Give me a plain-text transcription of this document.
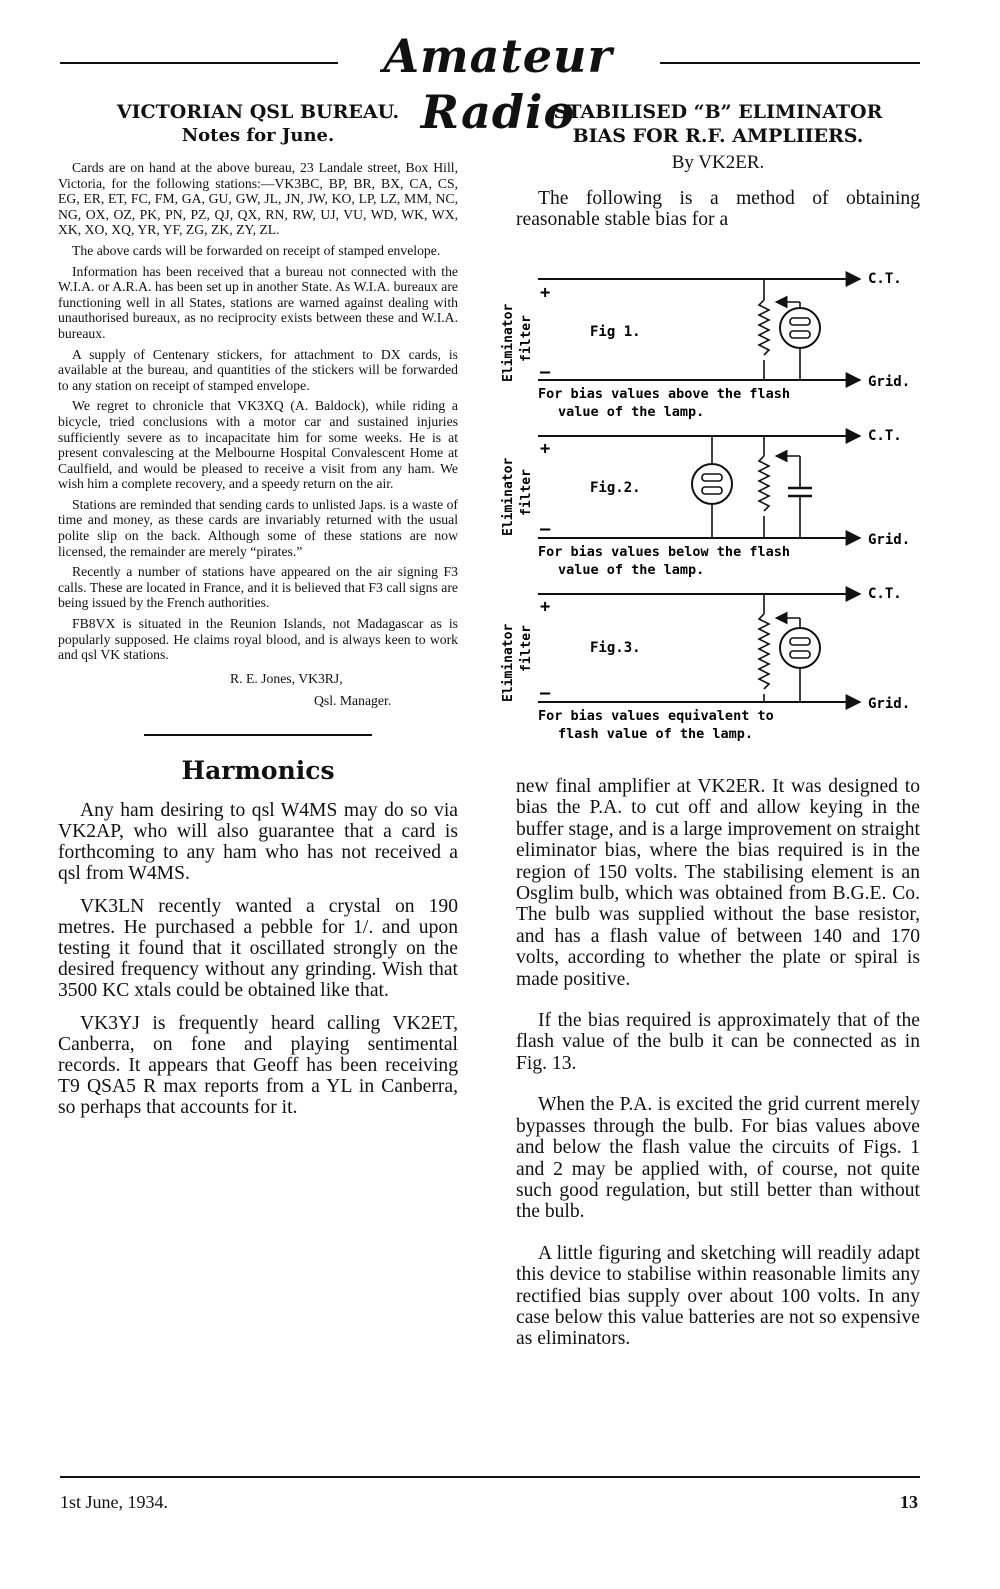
Amateur Radio
VICTORIAN QSL BUREAU.
Notes for June.

Cards are on hand at the above bureau, 23 Landale street, Box Hill, Victoria, for the following stations:—VK3BC, BP, BR, BX, CA, CS, EG, ER, ET, FC, FM, GA, GU, GW, JL, JN, JW, KO, LP, LZ, MM, NC, NG, OX, OZ, PK, PN, PZ, QJ, QX, RN, RW, UJ, VU, WD, WK, WX, XK, XO, XQ, YR, YF, ZG, ZK, ZY, ZL.

The above cards will be forwarded on receipt of stamped envelope.

Information has been received that a bureau not connected with the W.I.A. or A.R.A. has been set up in another State. As W.I.A. bureaux are functioning well in all States, stations are warned against dealing with unauthorised bureaux, as no reciprocity exists between these and W.I.A. bureaux.

A supply of Centenary stickers, for attachment to DX cards, is available at the bureau, and quantities of the stickers will be forwarded to any station on receipt of stamped envelope.

We regret to chronicle that VK3XQ (A. Baldock), while riding a bicycle, tried conclusions with a motor car and sustained injuries sufficiently severe as to incapacitate him for some weeks. He is at present convalescing at the Melbourne Hospital Convalescent Home at Caulfield, and would be pleased to receive a visit from any ham. We wish him a complete recovery, and a speedy return on the air.

Stations are reminded that sending cards to unlisted Japs. is a waste of time and money, as these cards are invariably returned with the usual polite slip on the back. Although some of these stations are now licensed, the remainder are merely “pirates.”

Recently a number of stations have appeared on the air signing F3 calls. These are located in France, and it is believed that F3 call signs are being issued by the French authorities.

FB8VX is situated in the Reunion Islands, not Madagascar as is popularly supposed. He claims royal blood, and is always keen to work and qsl VK stations.

R. E. Jones, VK3RJ,
Qsl. Manager.
Harmonics

Any ham desiring to qsl W4MS may do so via VK2AP, who will also guarantee that a card is forthcoming to any ham who has not received a qsl from W4MS.

VK3LN recently wanted a crystal on 190 metres. He purchased a pebble for 1/. and upon testing it found that it oscillated strongly on the desired frequency without any grinding. Wish that 3500 KC xtals could be obtained like that.

VK3YJ is frequently heard calling VK2ET, Canberra, on fone and playing sentimental records. It appears that Geoff has been receiving T9 QSA5 R max reports from a YL in Canberra, so perhaps that accounts for it.

STABILISED “B” ELIMINATOR
BIAS FOR R.F. AMPLIIERS.
By VK2ER.

The following is a method of obtaining reasonable stable bias for a

Eliminator filter
+
–
Fig 1.
C.T.
Grid.
For bias values above the flash
value of the lamp.
Eliminator filter
+
–
Fig.2.
C.T.
Grid.
For bias values below the flash
value of the lamp.
Eliminator filter
+
–
Fig.3.
C.T.
Grid.
For bias values equivalent to
flash value of the lamp.

new final amplifier at VK2ER. It was designed to bias the P.A. to cut off and allow keying in the buffer stage, and is a large improvement on straight eliminator bias, where the bias required is in the region of 150 volts. The stabilising element is an Osglim bulb, which was obtained from B.G.E. Co. The bulb was supplied without the base resistor, and has a flash value of between 140 and 170 volts, according to whether the plate or spiral is made positive.

If the bias required is approximately that of the flash value of the bulb it can be connected as in Fig. 13.

When the P.A. is excited the grid current merely bypasses through the bulb. For bias values above and below the flash value the circuits of Figs. 1 and 2 may be applied with, of course, not quite such good regulation, but still better than without the bulb.

A little figuring and sketching will readily adapt this device to stabilise within reasonable limits any rectified bias supply over about 100 volts. In any case below this value batteries are not so expensive as eliminators.

1st June, 1934.	13
